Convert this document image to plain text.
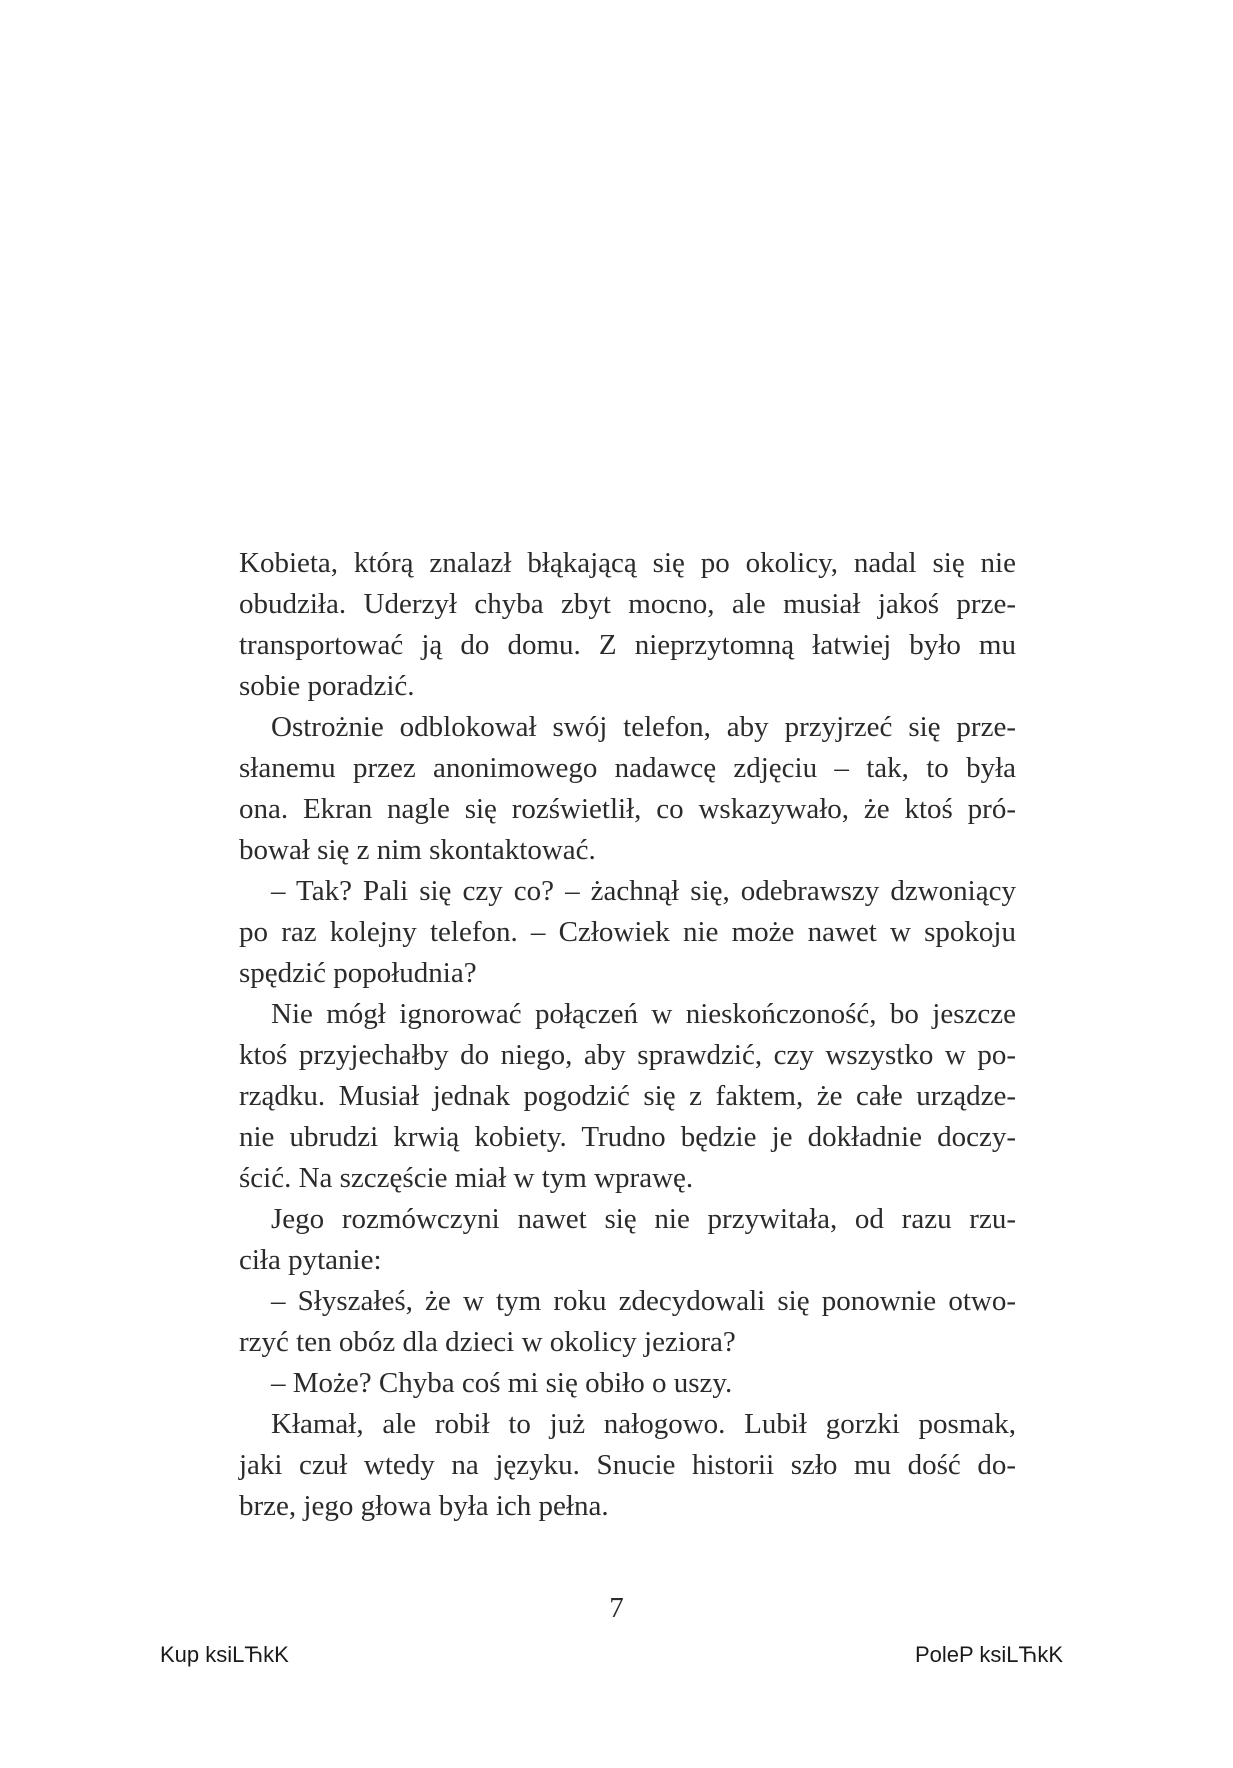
Kobieta, którą znalazł błąkającą się po okolicy, nadal się nie
obudziła. Uderzył chyba zbyt mocno, ale musiał jakoś prze-
transportować ją do domu. Z nieprzytomną łatwiej było mu
sobie poradzić.
Ostrożnie odblokował swój telefon, aby przyjrzeć się prze-
słanemu przez anonimowego nadawcę zdjęciu – tak, to była
ona. Ekran nagle się rozświetlił, co wskazywało, że ktoś pró-
bował się z nim skontaktować.
– Tak? Pali się czy co? – żachnął się, odebrawszy dzwoniący
po raz kolejny telefon. – Człowiek nie może nawet w spokoju
spędzić popołudnia?
Nie mógł ignorować połączeń w nieskończoność, bo jeszcze
ktoś przyjechałby do niego, aby sprawdzić, czy wszystko w po-
rządku. Musiał jednak pogodzić się z faktem, że całe urządze-
nie ubrudzi krwią kobiety. Trudno będzie je dokładnie doczy-
ścić. Na szczęście miał w tym wprawę.
Jego rozmówczyni nawet się nie przywitała, od razu rzu-
ciła pytanie:
– Słyszałeś, że w tym roku zdecydowali się ponownie otwo-
rzyć ten obóz dla dzieci w okolicy jeziora?
– Może? Chyba coś mi się obiło o uszy.
Kłamał, ale robił to już nałogowo. Lubił gorzki posmak,
jaki czuł wtedy na języku. Snucie historii szło mu dość do-
brze, jego głowa była ich pełna.
7
Kup ksiLЋkK	PoleP ksiLЋkK
